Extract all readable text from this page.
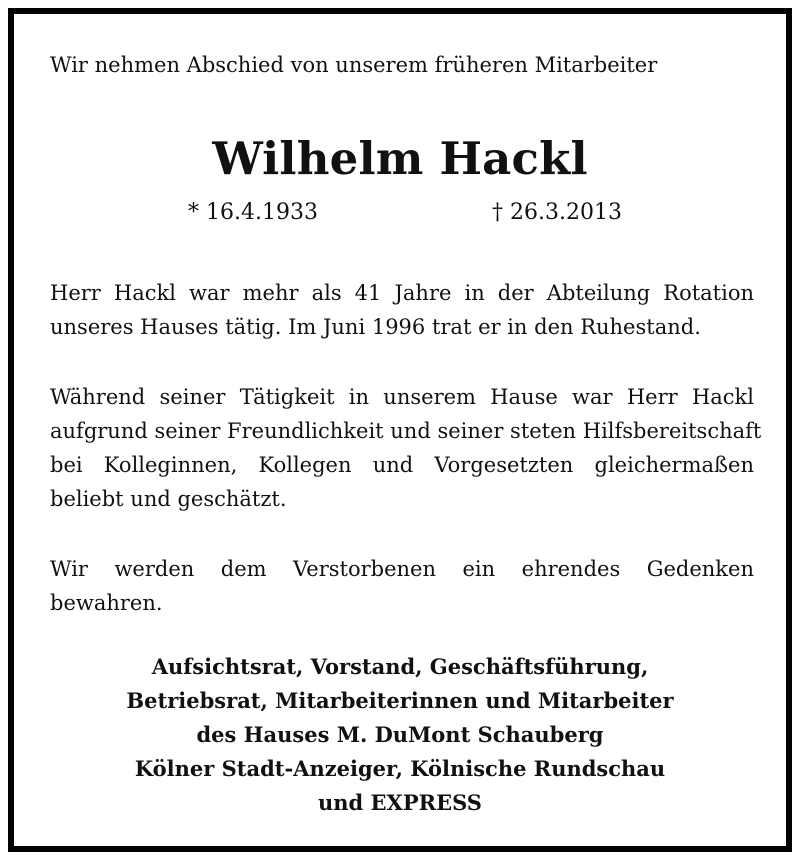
Wir nehmen Abschied von unserem früheren Mitarbeiter
Wilhelm Hackl
* 16.4.1933	† 26.3.2013
Herr Hackl war mehr als 41 Jahre in der Abteilung Rotation
unseres Hauses tätig. Im Juni 1996 trat er in den Ruhestand.
Während seiner Tätigkeit in unserem Hause war Herr Hackl
aufgrund seiner Freundlichkeit und seiner steten Hilfsbereitschaft
bei Kolleginnen, Kollegen und Vorgesetzten gleichermaßen
beliebt und geschätzt.
Wir werden dem Verstorbenen ein ehrendes Gedenken
bewahren.
Aufsichtsrat, Vorstand, Geschäftsführung,
Betriebsrat, Mitarbeiterinnen und Mitarbeiter
des Hauses M. DuMont Schauberg
Kölner Stadt-Anzeiger, Kölnische Rundschau
und EXPRESS
